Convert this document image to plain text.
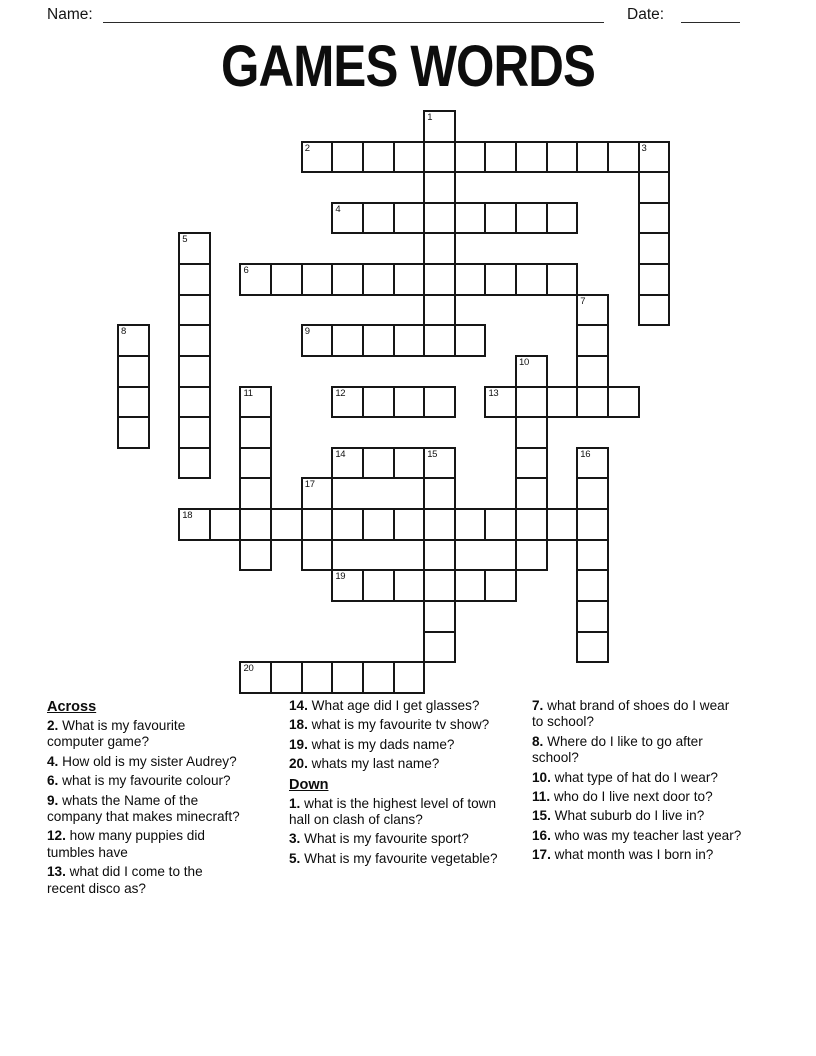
Name:	Date:
GAMES WORDS
1
2	3
4
5
6
7
8	9
10
11	12	13
14	15	16
17
18
19
20
Across
2. What is my favourite computer game?
4. How old is my sister Audrey?
6. what is my favourite colour?
9. whats the Name of the company that makes minecraft?
12. how many puppies did tumbles have
13. what did I come to the recent disco as?
14. What age did I get glasses?
18. what is my favourite tv show?
19. what is my dads name?
20. whats my last name?
Down
1. what is the highest level of town hall on clash of clans?
3. What is my favourite sport?
5. What is my favourite vegetable?
7. what brand of shoes do I wear to school?
8. Where do I like to go after school?
10. what type of hat do I wear?
11. who do I live next door to?
15. What suburb do I live in?
16. who was my teacher last year?
17. what month was I born in?
